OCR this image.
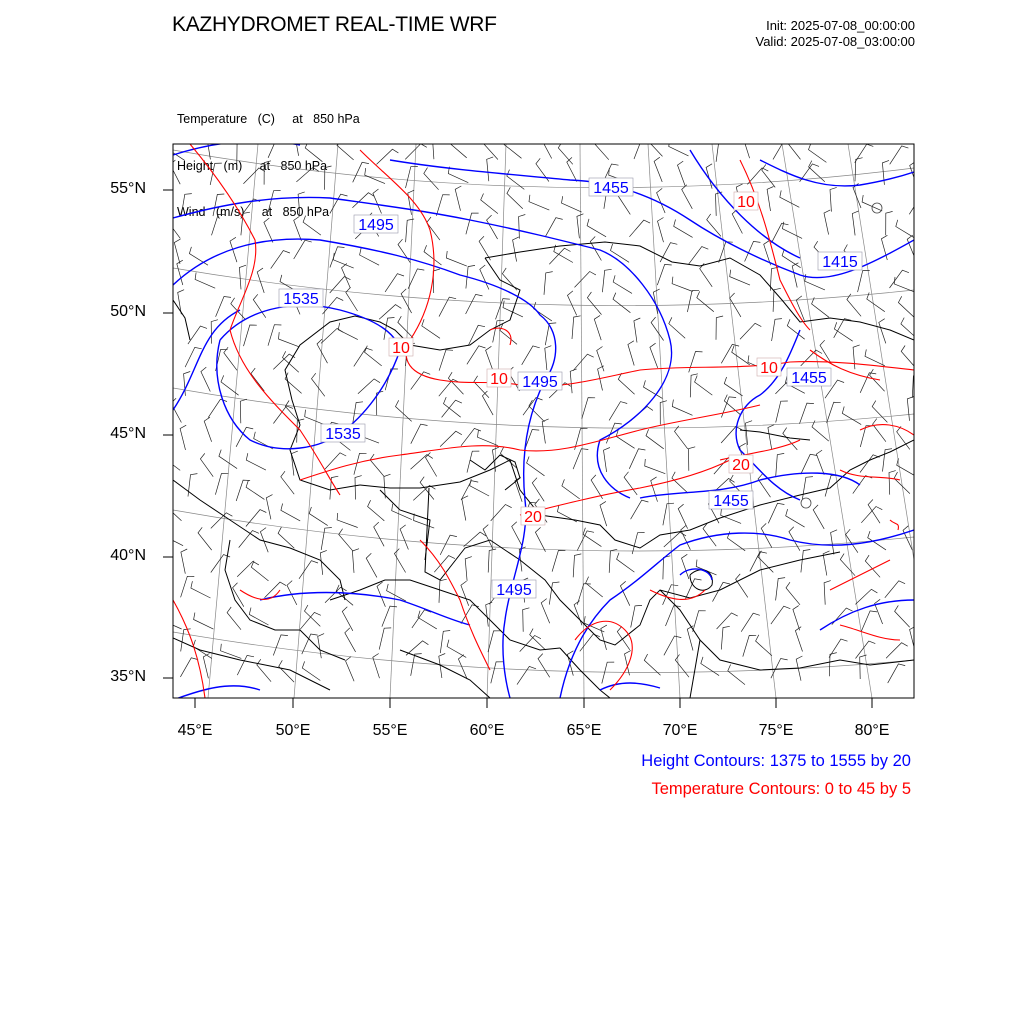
KAZHYDROMET REAL-TIME WRF	Init: 2025-07-08_00:00:00
Valid: 2025-07-08_03:00:00

Temperature   (C)     at   850 hPa

Height   (m)     at   850 hPa

Wind   (m/s)     at   850 hPa

1455
1495
1415
1535
1495	1455
1535
1455
1495
10
10
10
10
20
20
55°N
50°N
45°N
40°N
35°N
45°E	50°E	55°E	60°E	65°E	70°E	75°E	80°E
Height Contours: 1375 to 1555 by 20
Temperature Contours: 0 to 45 by 5
